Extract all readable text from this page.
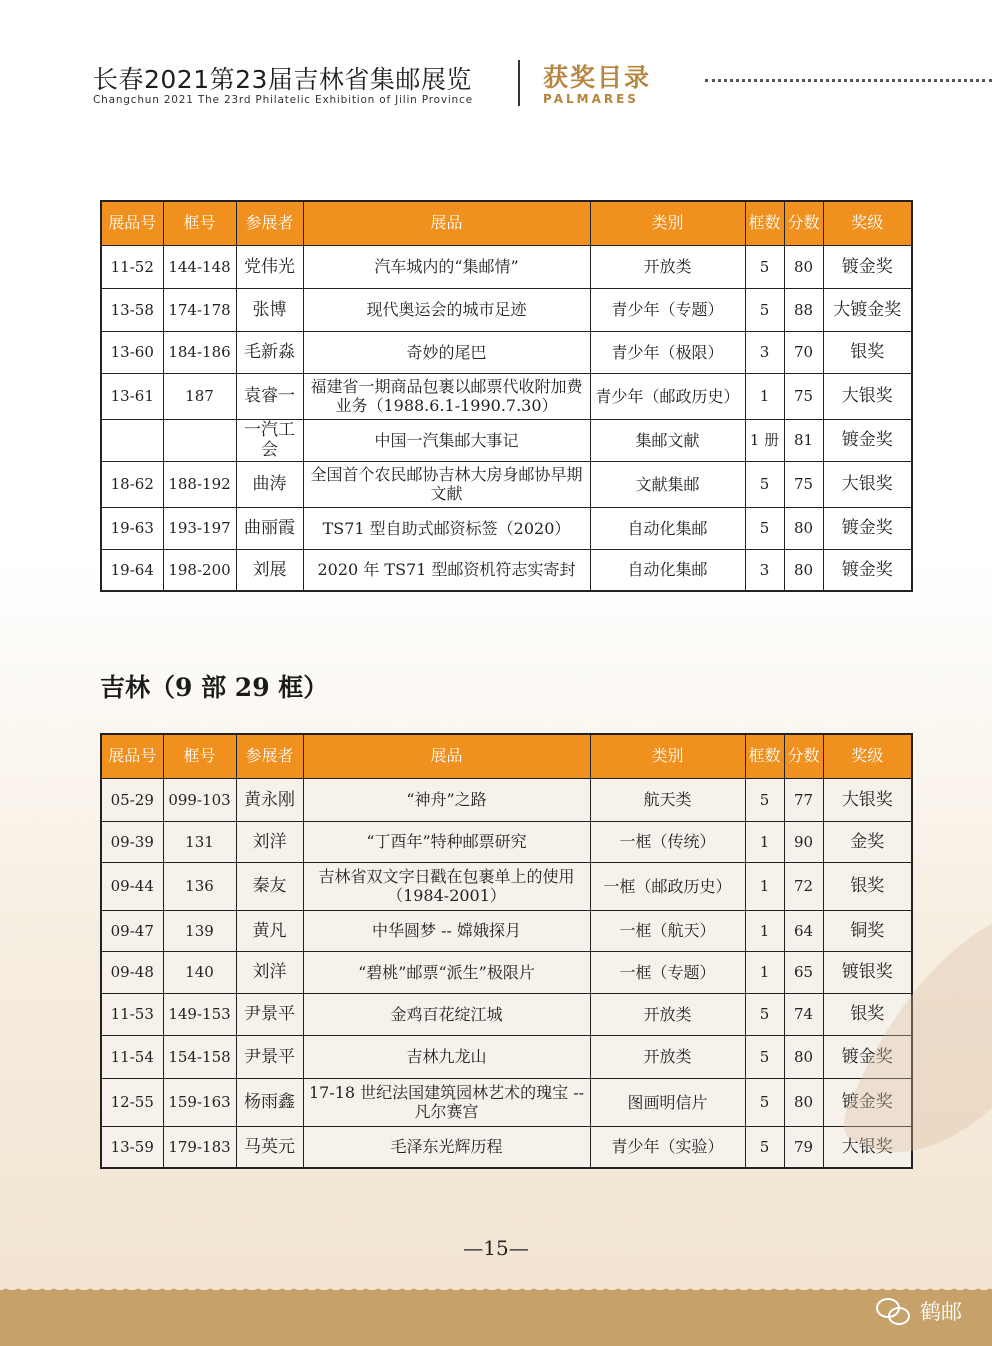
长春2021第23届吉林省集邮展览
Changchun 2021 The 23rd Philatelic Exhibition of Jilin Province
获奖目录
PALMARES
展品号	框号	参展者	展品	类别	框数	分数	奖级
11-52	144-148	党伟光	汽车城内的“集邮情”	开放类	5	80	镀金奖
13-58	174-178	张博	现代奥运会的城市足迹	青少年（专题）	5	88	大镀金奖
13-60	184-186	毛新淼	奇妙的尾巴	青少年（极限）	3	70	银奖
13-61	187	袁睿一	福建省一期商品包裹以邮票代收附加费业务（1988.6.1-1990.7.30）	青少年（邮政历史）	1	75	大银奖
		一汽工会	中国一汽集邮大事记	集邮文献	1 册	81	镀金奖
18-62	188-192	曲涛	全国首个农民邮协吉林大房身邮协早期文献	文献集邮	5	75	大银奖
19-63	193-197	曲丽霞	TS71 型自助式邮资标签（2020）	自动化集邮	5	80	镀金奖
19-64	198-200	刘展	2020 年 TS71 型邮资机符志实寄封	自动化集邮	3	80	镀金奖
吉林（9 部 29 框）
展品号	框号	参展者	展品	类别	框数	分数	奖级
05-29	099-103	黄永刚	“神舟”之路	航天类	5	77	大银奖
09-39	131	刘洋	“丁酉年”特种邮票研究	一框（传统）	1	90	金奖
09-44	136	秦友	吉林省双文字日戳在包裹单上的使用（1984-2001）	一框（邮政历史）	1	72	银奖
09-47	139	黄凡	中华圆梦 -- 嫦娥探月	一框（航天）	1	64	铜奖
09-48	140	刘洋	“碧桃”邮票“派生”极限片	一框（专题）	1	65	镀银奖
11-53	149-153	尹景平	金鸡百花绽江城	开放类	5	74	银奖
11-54	154-158	尹景平	吉林九龙山	开放类	5	80	镀金奖
12-55	159-163	杨雨鑫	17-18 世纪法国建筑园林艺术的瑰宝 -- 凡尔赛宫	图画明信片	5	80	镀金奖
13-59	179-183	马英元	毛泽东光辉历程	青少年（实验）	5	79	大银奖
—15—
鹤邮
